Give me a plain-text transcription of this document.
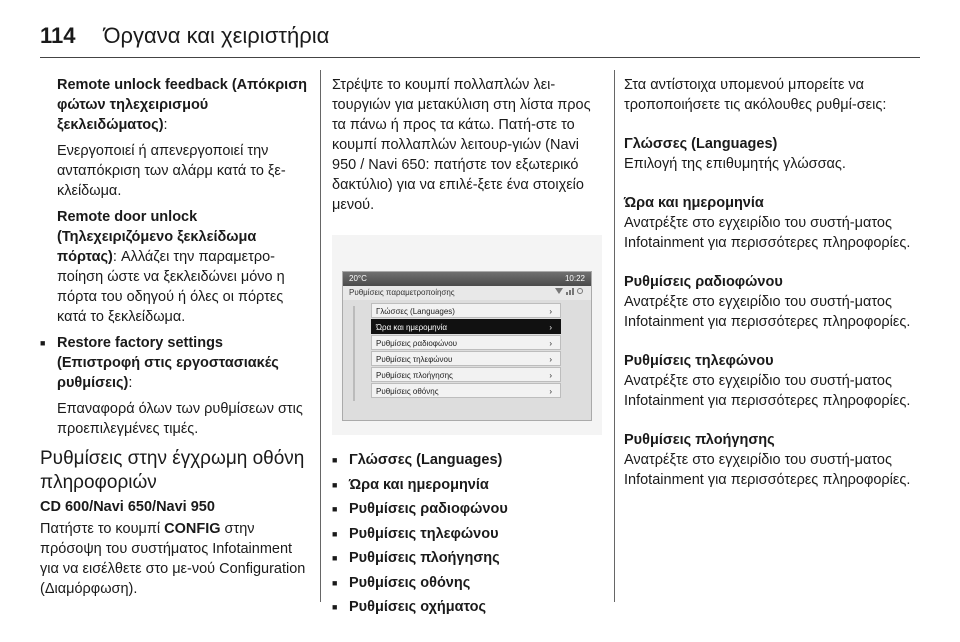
114 Όργανα και χειριστήρια
Remote unlock feedback (Απόκριση φώτων τηλεχειρισμού ξεκλειδώματος):
Ενεργοποιεί ή απενεργοποιεί την ανταπόκριση των αλάρμ κατά το ξε-κλείδωμα.
Remote door unlock (Τηλεχειριζόμενο ξεκλείδωμα πόρτας): Αλλάζει την παραμετρο-ποίηση ώστε να ξεκλειδώνει μόνο η πόρτα του οδηγού ή όλες οι πόρτες κατά το ξεκλείδωμα.
■ Restore factory settings (Επιστροφή στις εργοστασιακές ρυθμίσεις):
Επαναφορά όλων των ρυθμίσεων στις προεπιλεγμένες τιμές.
Ρυθμίσεις στην έγχρωμη οθόνη πληροφοριών
CD 600/Navi 650/Navi 950
Πατήστε το κουμπί CONFIG στην πρόσοψη του συστήματος Infotainment για να εισέλθετε στο με-νού Configuration (Διαμόρφωση).
Στρέψτε το κουμπί πολλαπλών λει-τουργιών για μετακύλιση στη λίστα προς τα πάνω ή προς τα κάτω. Πατή-στε το κουμπί πολλαπλών λειτουρ-γιών (Navi 950 / Navi 650: πατήστε τον εξωτερικό δακτύλιο) για να επιλέ-ξετε ένα στοιχείο μενού.
20°C	10:22
Ρυθμίσεις παραμετροποίησης
Γλώσσες (Languages)	›
Ώρα και ημερομηνία	›
Ρυθμίσεις ραδιοφώνου	›
Ρυθμίσεις τηλεφώνου	›
Ρυθμίσεις πλοήγησης	›
Ρυθμίσεις οθόνης	›
■ Γλώσσες (Languages)
■ Ώρα και ημερομηνία
■ Ρυθμίσεις ραδιοφώνου
■ Ρυθμίσεις τηλεφώνου
■ Ρυθμίσεις πλοήγησης
■ Ρυθμίσεις οθόνης
■ Ρυθμίσεις οχήματος
Στα αντίστοιχα υπομενού μπορείτε να τροποποιήσετε τις ακόλουθες ρυθμί-σεις:
Γλώσσες (Languages)
Επιλογή της επιθυμητής γλώσσας.
Ώρα και ημερομηνία
Ανατρέξτε στο εγχειρίδιο του συστή-ματος Infotainment για περισσότερες πληροφορίες.
Ρυθμίσεις ραδιοφώνου
Ανατρέξτε στο εγχειρίδιο του συστή-ματος Infotainment για περισσότερες πληροφορίες.
Ρυθμίσεις τηλεφώνου
Ανατρέξτε στο εγχειρίδιο του συστή-ματος Infotainment για περισσότερες πληροφορίες.
Ρυθμίσεις πλοήγησης
Ανατρέξτε στο εγχειρίδιο του συστή-ματος Infotainment για περισσότερες πληροφορίες.
